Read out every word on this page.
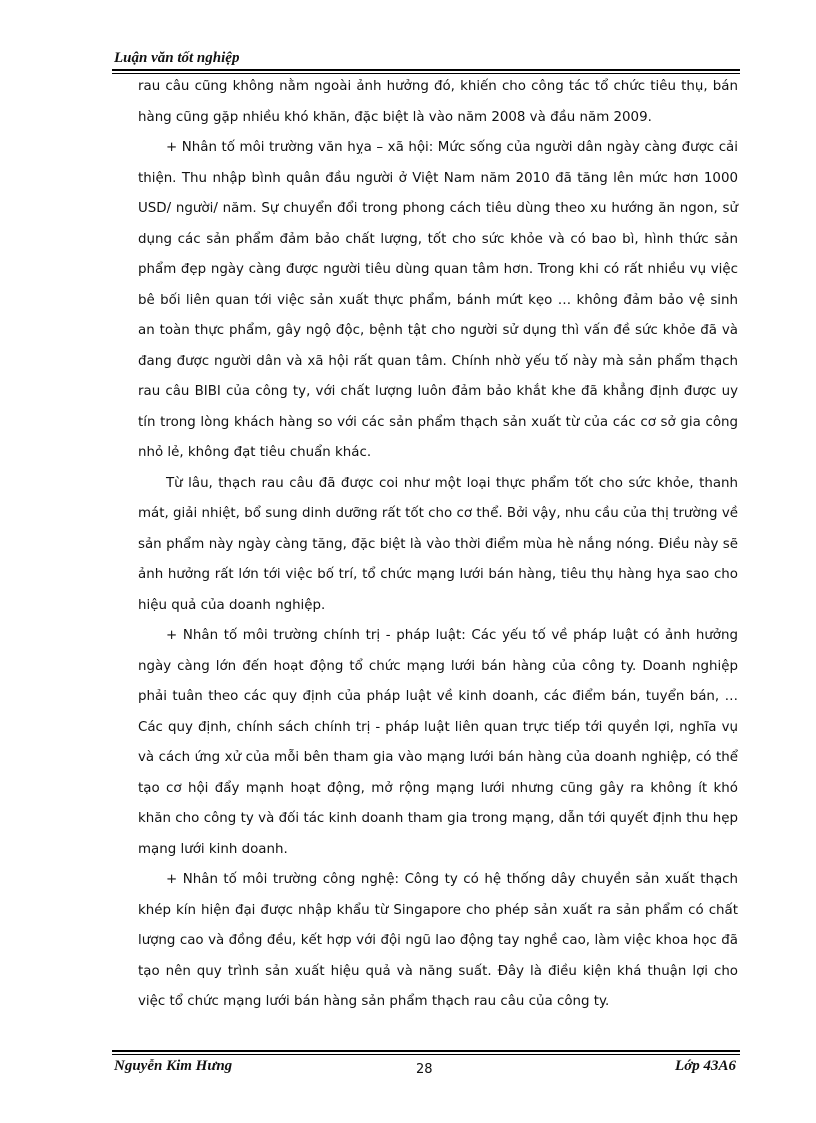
Luận văn tốt nghiệp

rau câu cũng không nằm ngoài ảnh hưởng đó, khiến cho công tác tổ chức tiêu thụ, bán hàng cũng gặp nhiều khó khăn, đặc biệt là vào năm 2008 và đầu năm 2009.

+ Nhân tố môi trường văn hỵa – xã hội: Mức sống của người dân ngày càng được cải thiện. Thu nhập bình quân đầu người ở Việt Nam năm 2010 đã tăng lên mức hơn 1000 USD/ người/ năm. Sự chuyển đổi trong phong cách tiêu dùng theo xu hướng ăn ngon, sử dụng các sản phẩm đảm bảo chất lượng, tốt cho sức khỏe và có bao bì, hình thức sản phẩm đẹp ngày càng được người tiêu dùng quan tâm hơn. Trong khi có rất nhiều vụ việc bê bối liên quan tới việc sản xuất thực phẩm, bánh mứt kẹo … không đảm bảo vệ sinh an toàn thực phẩm, gây ngộ độc, bệnh tật cho người sử dụng thì vấn đề sức khỏe đã và đang được người dân và xã hội rất quan tâm. Chính nhờ yếu tố này mà sản phẩm thạch rau câu BIBI của công ty, với chất lượng luôn đảm bảo khắt khe đã khẳng định được uy tín trong lòng khách hàng so với các sản phẩm thạch sản xuất từ của các cơ sở gia công nhỏ lẻ, không đạt tiêu chuẩn khác.

Từ lâu, thạch rau câu đã được coi như một loại thực phẩm tốt cho sức khỏe, thanh mát, giải nhiệt, bổ sung dinh dưỡng rất tốt cho cơ thể. Bởi vậy, nhu cầu của thị trường về sản phẩm này ngày càng tăng, đặc biệt là vào thời điểm mùa hè nắng nóng. Điều này sẽ ảnh hưởng rất lớn tới việc bố trí, tổ chức mạng lưới bán hàng, tiêu thụ hàng hỵa sao cho hiệu quả của doanh nghiệp.

+ Nhân tố môi trường chính trị - pháp luật: Các yếu tố về pháp luật có ảnh hưởng ngày càng lớn đến hoạt động tổ chức mạng lưới bán hàng của công ty. Doanh nghiệp phải tuân theo các quy định của pháp luật về kinh doanh, các điểm bán, tuyển bán, … Các quy định, chính sách chính trị - pháp luật liên quan trực tiếp tới quyền lợi, nghĩa vụ và cách ứng xử của mỗi bên tham gia vào mạng lưới bán hàng của doanh nghiệp, có thể tạo cơ hội đẩy mạnh hoạt động, mở rộng mạng lưới nhưng cũng gây ra không ít khó khăn cho công ty và đối tác kinh doanh tham gia trong mạng, dẫn tới quyết định thu hẹp mạng lưới kinh doanh.

+ Nhân tố môi trường công nghệ: Công ty có hệ thống dây chuyền sản xuất thạch khép kín hiện đại được nhập khẩu từ Singapore cho phép sản xuất ra sản phẩm có chất lượng cao và đồng đều, kết hợp với đội ngũ lao động tay nghề cao, làm việc khoa học đã tạo nên quy trình sản xuất hiệu quả và năng suất. Đây là điều kiện khá thuận lợi cho việc tổ chức mạng lưới bán hàng sản phẩm thạch rau câu của công ty.

Nguyễn Kim Hưng	28	Lớp 43A6
